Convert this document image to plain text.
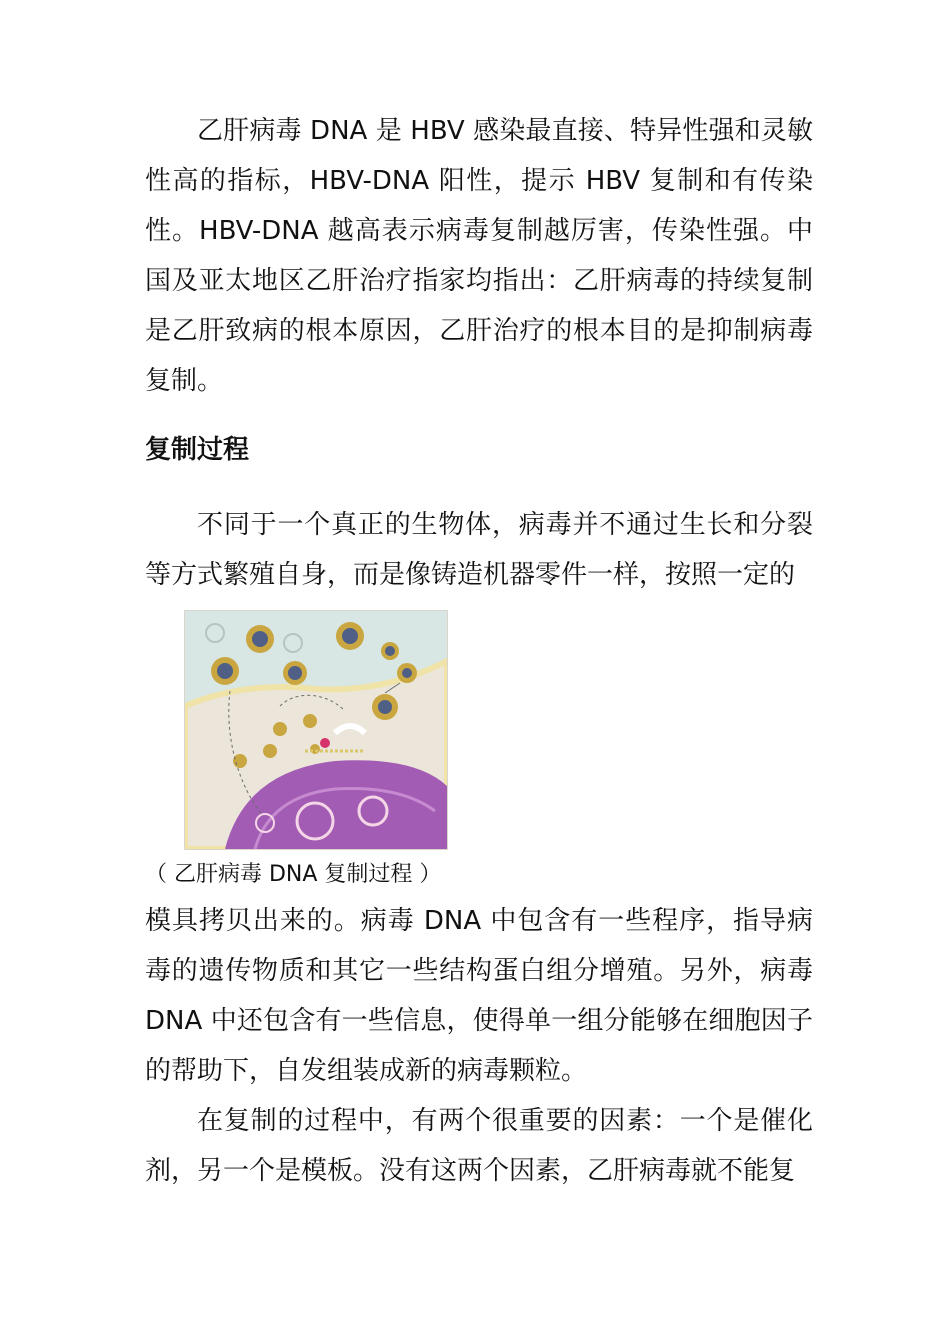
乙肝病毒 DNA 是 HBV 感染最直接、特异性强和灵敏性高的指标，HBV-DNA 阳性，提示 HBV 复制和有传染性。HBV-DNA 越高表示病毒复制越厉害，传染性强。中国及亚太地区乙肝治疗指家均指出：乙肝病毒的持续复制是乙肝致病的根本原因，乙肝治疗的根本目的是抑制病毒复制。

复制过程

不同于一个真正的生物体，病毒并不通过生长和分裂等方式繁殖自身，而是像铸造机器零件一样，按照一定的

（ 乙肝病毒 DNA 复制过程 ）

模具拷贝出来的。病毒 DNA 中包含有一些程序，指导病毒的遗传物质和其它一些结构蛋白组分增殖。另外，病毒 DNA 中还包含有一些信息，使得单一组分能够在细胞因子的帮助下，自发组装成新的病毒颗粒。

在复制的过程中，有两个很重要的因素：一个是催化剂，另一个是模板。没有这两个因素，乙肝病毒就不能复
